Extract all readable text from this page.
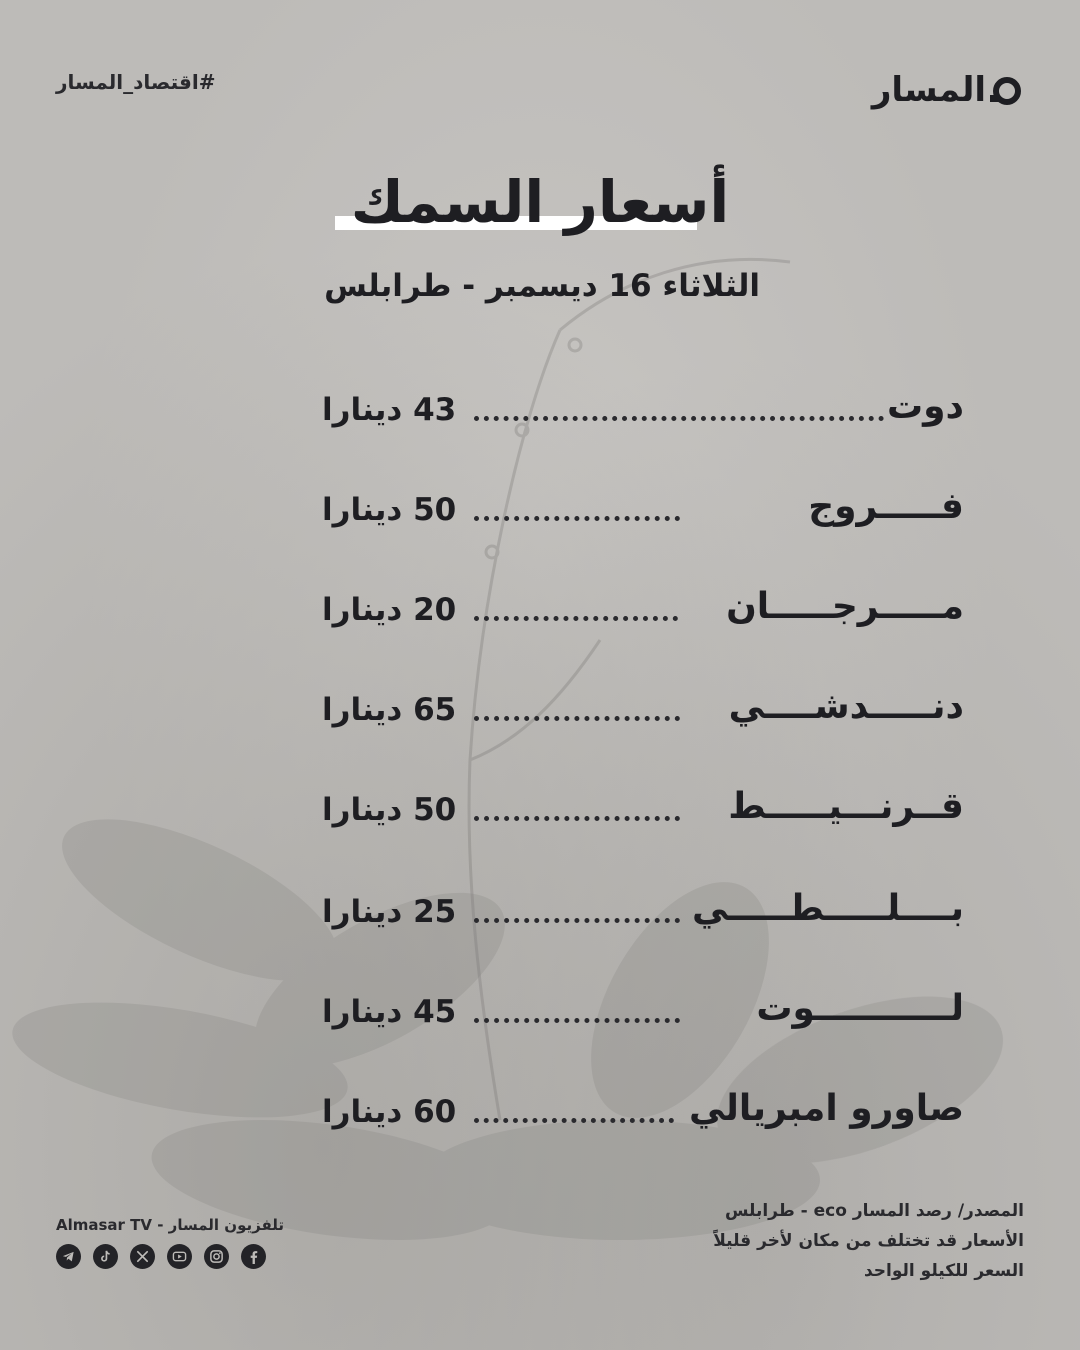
#اقتصاد_المسار	المسار
أسعار السمك
الثلاثاء 16 ديسمبر - طرابلس
دوت
43 دينارا
فـــــروج
50 دينارا
مـــــرجـــــان
20 دينارا
دنـــــدشــــي
65 دينارا
قــرنـــيـــــط
50 دينارا
بــــلـــــطـــــي
25 دينارا
لـــــــــــوت
45 دينارا
صاورو امبريالي
60 دينارا
المصدر/ رصد المسار eco - طرابلس
الأسعار قد تختلف من مكان لأخر قليلاً
السعر للكيلو الواحد
تلفزيون المسار - Almasar TV
